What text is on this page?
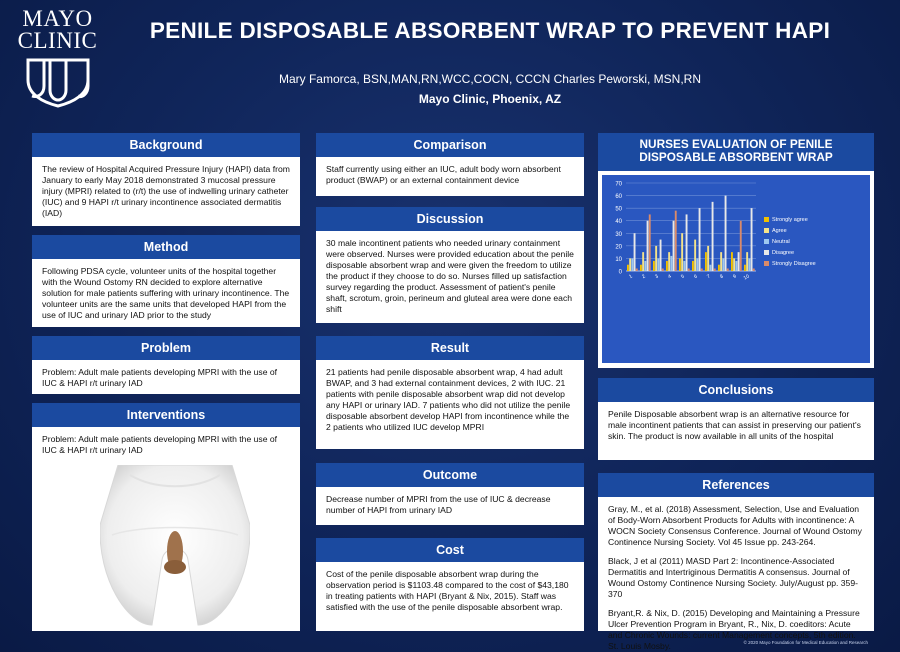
MAYO
CLINIC	PENILE DISPOSABLE ABSORBENT WRAP TO PREVENT HAPI
Mary Famorca, BSN,MAN,RN,WCC,COCN, CCCN Charles Peworski, MSN,RN
Mayo Clinic, Phoenix, AZ
Background
The review of Hospital Acquired Pressure Injury (HAPI) data from January to early May 2018 demonstrated 3 mucosal pressure injury (MPRI) related to (r/t) the use of indwelling urinary catheter (IUC) and 9 HAPI r/t urinary incontinence associated dermatitis (IAD)
Method
Following PDSA cycle, volunteer units of the hospital together with the Wound Ostomy RN decided to explore alternative solution for male patients suffering with urinary incontinence. The volunteer units are the same units that developed HAPI from the use of IUC and urinary IAD prior to the study
Problem
Problem: Adult male patients developing MPRI with the use of IUC & HAPI r/t urinary IAD
Interventions
Problem: Adult male patients developing MPRI with the use of IUC & HAPI r/t urinary IAD
Comparison
Staff currently using either an IUC, adult body worn absorbent product (BWAP) or an external containment device
Discussion
30 male incontinent patients who needed urinary containment were observed. Nurses were provided education about the penile disposable absorbent wrap and were given the freedom to utilize the product if they choose to do so. Nurses filled up satisfaction survey regarding the product. Assessment of patient's penile shaft, scrotum, groin, perineum and gluteal area were done each shift
Result
21 patients had penile disposable absorbent wrap, 4 had adult BWAP, and 3 had external containment devices, 2 with IUC. 21 patients with penile disposable absorbent wrap did not develop any HAPI or urinary IAD. 7 patients who did not utilize the penile disposable absorbent develop HAPI from incontinence while the 2 patients who utilized IUC develop MPRI
Outcome
Decrease number of MPRI from the use of IUC & decrease number of HAPI from urinary IAD
Cost
Cost of the penile disposable absorbent wrap during the observation period is $1103.48 compared to the cost of $43,180 in treating patients with HAPI (Bryant & Nix, 2015). Staff was satisfied with the use of the penile disposable absorbent wrap.
NURSES EVALUATION OF PENILE DISPOSABLE ABSORBENT WRAP
0
10
20
30
40
50
60
70
1 2 3 4 5 6 7 8 9 10
Strongly agree
Agree
Neutral
Disagree
Strongly Disagree
Conclusions
Penile Disposable absorbent wrap is an alternative resource for male incontinent patients that can assist in preserving our patient's skin. The product is now available in all units of the hospital
References
Gray, M., et al. (2018) Assessment, Selection, Use and Evaluation of Body-Worn Absorbent Products for Adults with incontinence: A WOCN Society Consensus Conference. Journal of Wound Ostomy Continence Nursing Society. Vol 45 Issue pp. 243-264.
Black, J et al (2011) MASD Part 2: Incontinence-Associated Dermatitis and Intertriginous Dermatitis A consensus. Journal of Wound Ostomy Continence Nursing Society. July/August pp. 359-370
Bryant,R. & Nix, D. (2015) Developing and Maintaining a Pressure Ulcer Prevention Program in Bryant, R., Nix, D. coeditors: Acute and Chronic Wounds: current Management concepts, 5th edition. St. Louis Mosby.	© 2020 Mayo Foundation for Medical Education and Research
